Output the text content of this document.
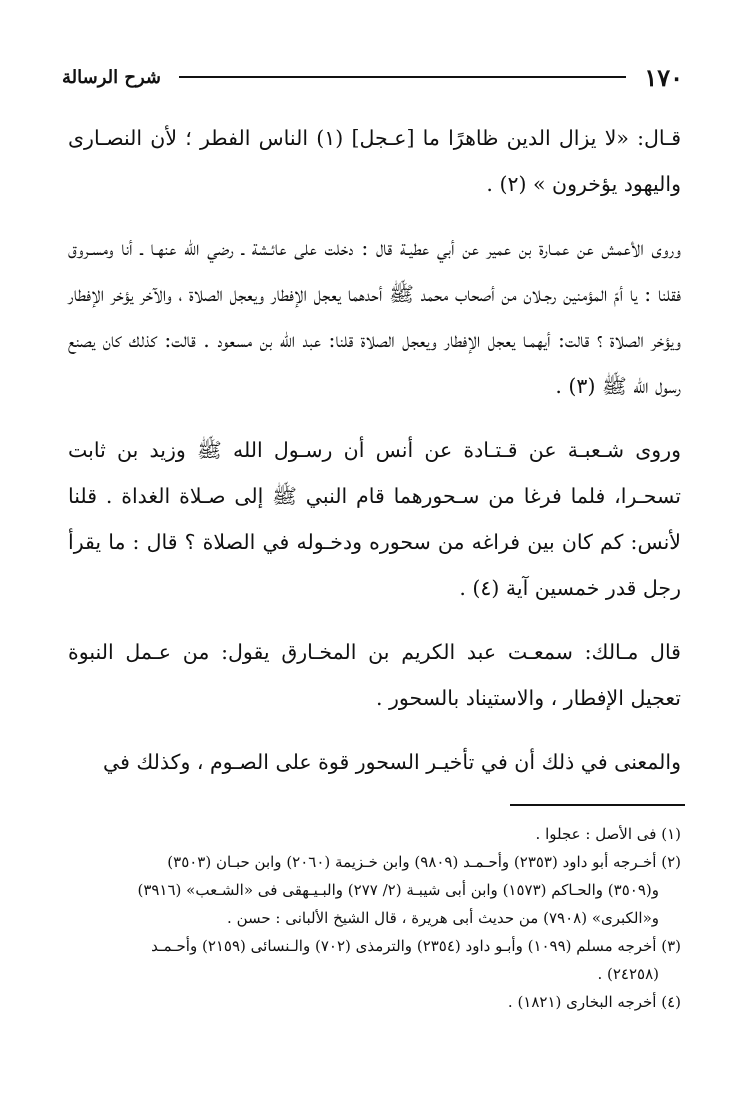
١٧٠
شرح الرسالة

قـال: «لا يزال الدين ظاهرًا ما [عـجل] (١) الناس الفطر ؛ لأن النصـارى واليهود يؤخرون » (٢) .

وروى الأعمش عن عمـارة بن عمير عن أبي عطيـة قال : دخلت على عائـشة ـ رضي الله عنهـا ـ أنا ومسـروق فقلنا : يا أمّ المؤمنين رجـلان من أصحاب محمد ﷺ أحدهما يعجل الإفطار ويعجل الصلاة ، والآخر يؤخر الإفطار ويؤخر الصلاة ؟ قالت: أيهمـا يعجل الإفطار ويعجل الصلاة قلنا: عبد الله بن مسعود . قالت: كذلك كان يصنع رسول الله ﷺ (٣) .

وروى شـعبـة عن قـتـادة عن أنس أن رسـول الله ﷺ وزيد بن ثابت تسحـرا، فلما فرغا من سـحورهما قام النبي ﷺ إلى صـلاة الغداة . قلنا لأنس: كم كان بين فراغه من سحوره ودخـوله في الصلاة ؟ قال : ما يقرأ رجل قدر خمسين آية (٤) .

قال مـالك: سمعـت عبد الكريم بن المخـارق يقول: من عـمل النبوة تعجيل الإفطار ، والاستيناد بالسحور .

والمعنى في ذلك أن في تأخيـر السحور قوة على الصـوم ، وكذلك في

(١) فى الأصل : عجلوا .

(٢) أخـرجه أبو داود (٢٣٥٣) وأحـمـد (٩٨٠٩) وابن خـزيمة (٢٠٦٠) وابن حبـان (٣٥٠٣)

و(٣٥٠٩) والحـاكم (١٥٧٣) وابن أبى شيبـة (٢/ ٢٧٧) والبـيـهقى فى «الشـعب» (٣٩١٦)

و«الكبرى» (٧٩٠٨) من حديث أبى هريرة ، قال الشيخ الألبانى : حسن .

(٣) أخرجه مسلم (١٠٩٩) وأبـو داود (٢٣٥٤) والترمذى (٧٠٢) والـنسائى (٢١٥٩) وأحـمـد

(٢٤٢٥٨) .

(٤) أخرجه البخارى (١٨٢١) .
